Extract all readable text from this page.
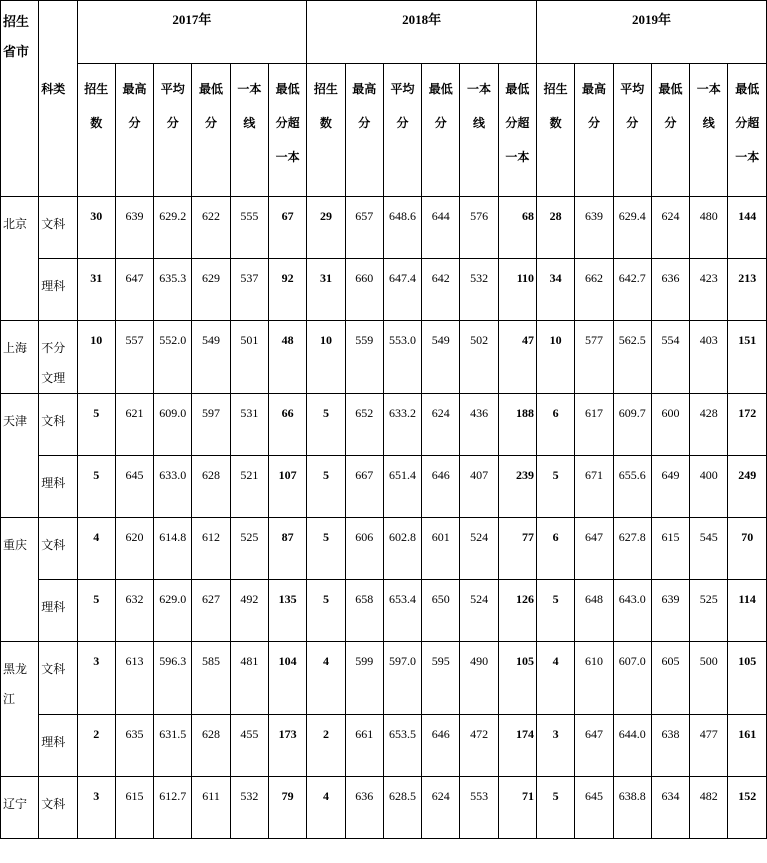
招生省市		2017年						2018年						2019年					
	科类	招生数	最高分	平均分	最低分	一本线	最低分超一本	招生数	最高分	平均分	最低分	一本线	最低分超一本	招生数	最高分	平均分	最低分	一本线	最低分超一本
北京	文科	30	639	629.2	622	555	67	29	657	648.6	644	576	68	28	639	629.4	624	480	144
	理科	31	647	635.3	629	537	92	31	660	647.4	642	532	110	34	662	642.7	636	423	213
上海	不分文理	10	557	552.0	549	501	48	10	559	553.0	549	502	47	10	577	562.5	554	403	151
天津	文科	5	621	609.0	597	531	66	5	652	633.2	624	436	188	6	617	609.7	600	428	172
	理科	5	645	633.0	628	521	107	5	667	651.4	646	407	239	5	671	655.6	649	400	249
重庆	文科	4	620	614.8	612	525	87	5	606	602.8	601	524	77	6	647	627.8	615	545	70
	理科	5	632	629.0	627	492	135	5	658	653.4	650	524	126	5	648	643.0	639	525	114
黑龙江	文科	3	613	596.3	585	481	104	4	599	597.0	595	490	105	4	610	607.0	605	500	105
	理科	2	635	631.5	628	455	173	2	661	653.5	646	472	174	3	647	644.0	638	477	161
辽宁	文科	3	615	612.7	611	532	79	4	636	628.5	624	553	71	5	645	638.8	634	482	152
